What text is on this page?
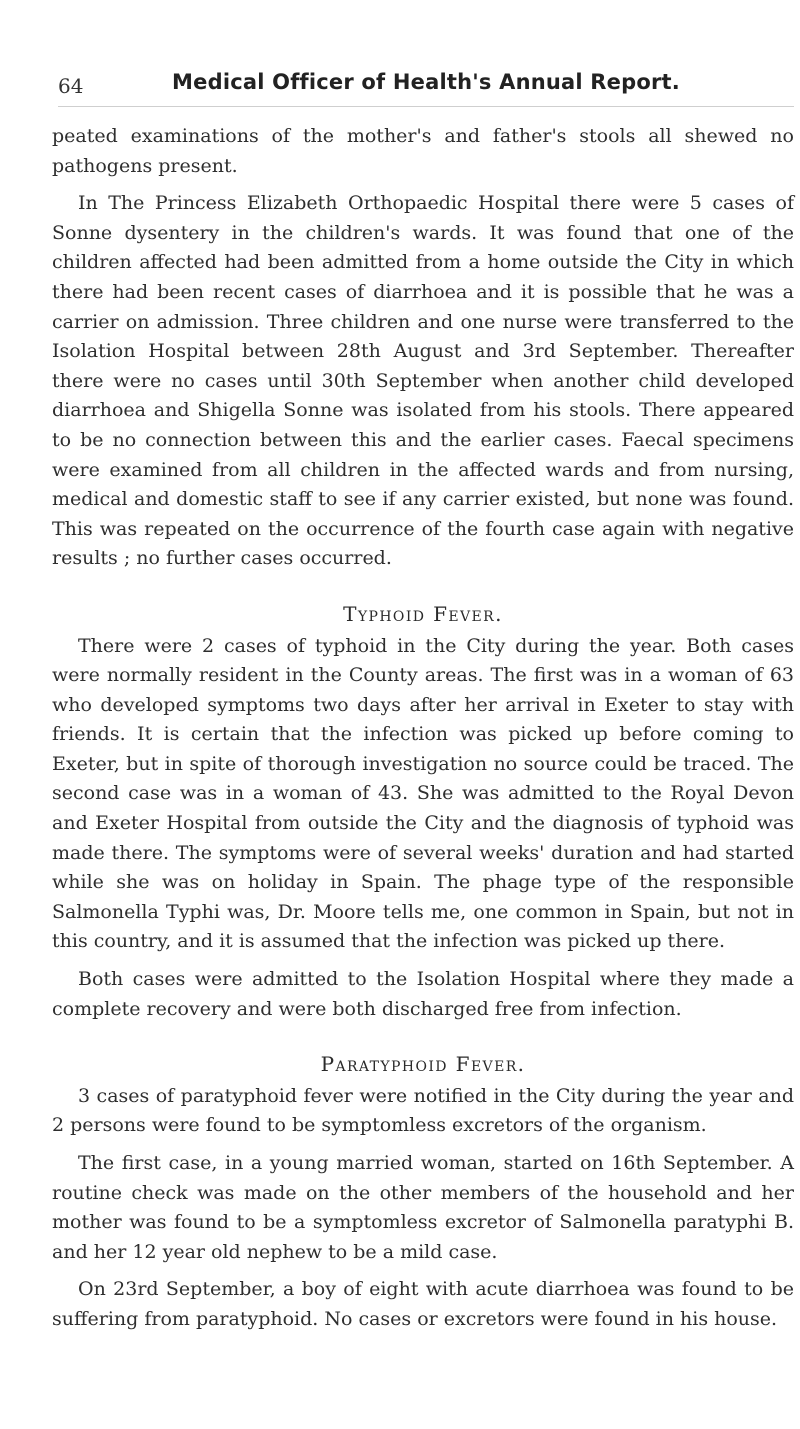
64	Medical Officer of Health's Annual Report.

peated examinations of the mother's and father's stools all shewed no pathogens present.

In The Princess Elizabeth Orthopaedic Hospital there were 5 cases of Sonne dysentery in the children's wards. It was found that one of the children affected had been admitted from a home outside the City in which there had been recent cases of diarrhoea and it is possible that he was a carrier on admission. Three children and one nurse were transferred to the Isolation Hospital between 28th August and 3rd September. Thereafter there were no cases until 30th September when another child developed diarrhoea and Shigella Sonne was isolated from his stools. There appeared to be no connection between this and the earlier cases. Faecal specimens were examined from all children in the affected wards and from nursing, medical and domestic staff to see if any carrier existed, but none was found. This was repeated on the occurrence of the fourth case again with negative results ; no further cases occurred.

Typhoid Fever.

There were 2 cases of typhoid in the City during the year. Both cases were normally resident in the County areas. The first was in a woman of 63 who developed symptoms two days after her arrival in Exeter to stay with friends. It is certain that the infection was picked up before coming to Exeter, but in spite of thorough investigation no source could be traced. The second case was in a woman of 43. She was admitted to the Royal Devon and Exeter Hospital from outside the City and the diagnosis of typhoid was made there. The symptoms were of several weeks' duration and had started while she was on holiday in Spain. The phage type of the responsible Salmonella Typhi was, Dr. Moore tells me, one common in Spain, but not in this country, and it is assumed that the infection was picked up there.

Both cases were admitted to the Isolation Hospital where they made a complete recovery and were both discharged free from infection.

Paratyphoid Fever.

3 cases of paratyphoid fever were notified in the City during the year and 2 persons were found to be symptomless excretors of the organism.

The first case, in a young married woman, started on 16th September. A routine check was made on the other members of the household and her mother was found to be a symptomless excretor of Salmonella paratyphi B. and her 12 year old nephew to be a mild case.

On 23rd September, a boy of eight with acute diarrhoea was found to be suffering from paratyphoid. No cases or excretors were found in his house.
